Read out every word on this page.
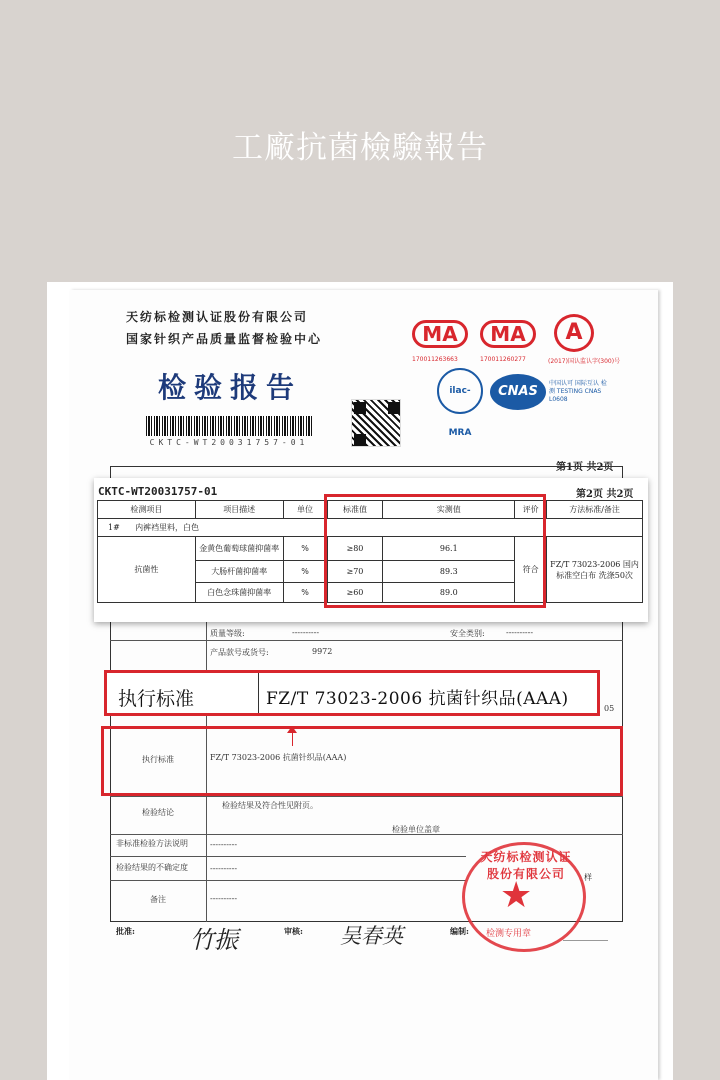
工廠抗菌檢驗報告
天纺标检测认证股份有限公司
国家针织产品质量监督检验中心
检验报告
CKTC-WT20031757-01
MA	MA	A
170011263663	170011260277	(2017)国认监认字(300)号
ilac-MRA
CNAS
中国认可 国际互认 检测 TESTING CNAS L0608
第1页 共2页
质量等级:	----------	安全类别:	----------
产品款号或货号:	9972
05
执行标准	FZ/T 73023-2006 抗菌针织品(AAA)
执行标准	FZ/T 73023-2006 抗菌针织品(AAA)
检验结论
检验结果及符合性见附页。
检验单位盖章
非标准检验方法说明	----------
检验结果的不确定度	----------
备注	----------
样
批准: 竹振	审核: 吴春英	编制:
天纺标检测认证股份有限公司
★
检测专用章
CKTC-WT20031757-01	第2页 共2页
检测项目	项目描述	单位	标准值	实测值	评价	方法标准/备注
1# 内裤裆里料，白色						
抗菌性	金黄色葡萄球菌抑菌率	%	≥80	96.1	符合	FZ/T 73023-2006 国内标准空白布 洗涤50次
	大肠杆菌抑菌率	%	≥70	89.3		
	白色念珠菌抑菌率	%	≥60	89.0		
